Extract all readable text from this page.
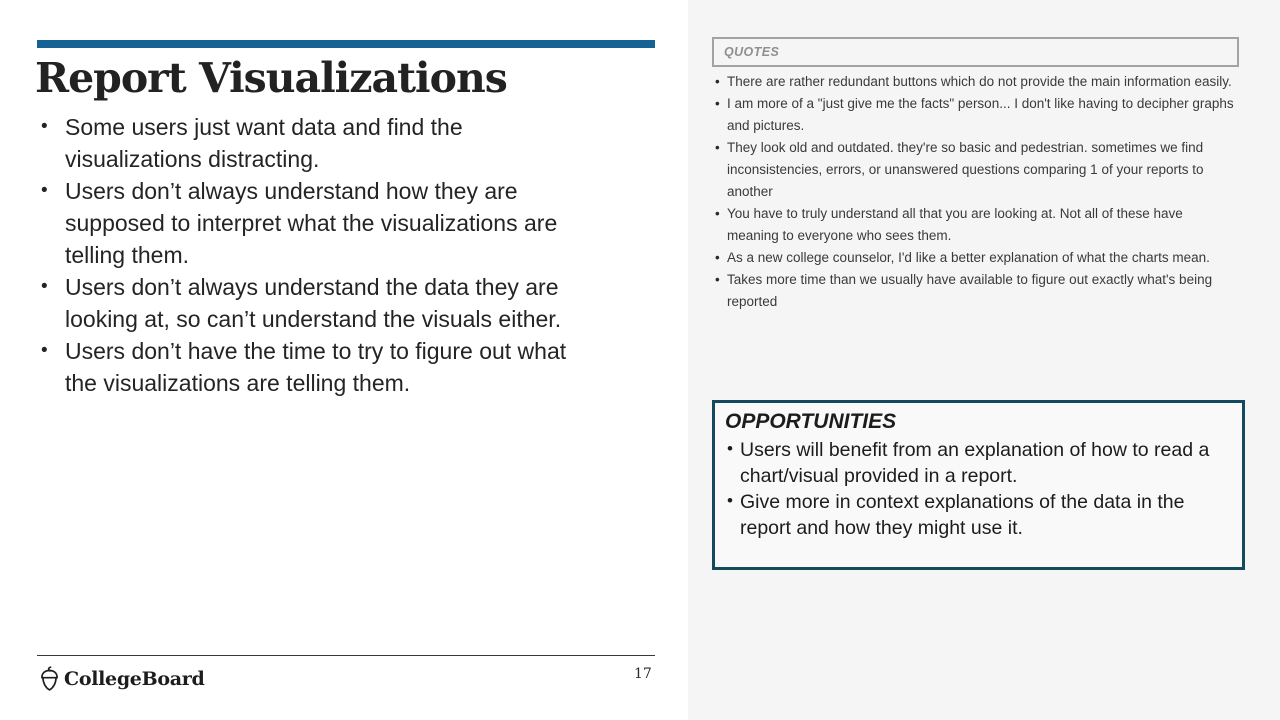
Report Visualizations
• Some users just want data and find the visualizations distracting.
• Users don’t always understand how they are supposed to interpret what the visualizations are telling them.
• Users don’t always understand the data they are looking at, so can’t understand the visuals either.
• Users don’t have the time to try to figure out what the visualizations are telling them.
QUOTES
• There are rather redundant buttons which do not provide the main information easily.
• I am more of a "just give me the facts" person... I don't like having to decipher graphs and pictures.
• They look old and outdated. they're so basic and pedestrian. sometimes we find inconsistencies, errors, or unanswered questions comparing 1 of your reports to another
• You have to truly understand all that you are looking at. Not all of these have meaning to everyone who sees them.
• As a new college counselor, I'd like a better explanation of what the charts mean.
• Takes more time than we usually have available to figure out exactly what's being reported
OPPORTUNITIES
• Users will benefit from an explanation of how to read a chart/visual provided in a report.
• Give more in context explanations of the data in the report and how they might use it.
CollegeBoard	17
